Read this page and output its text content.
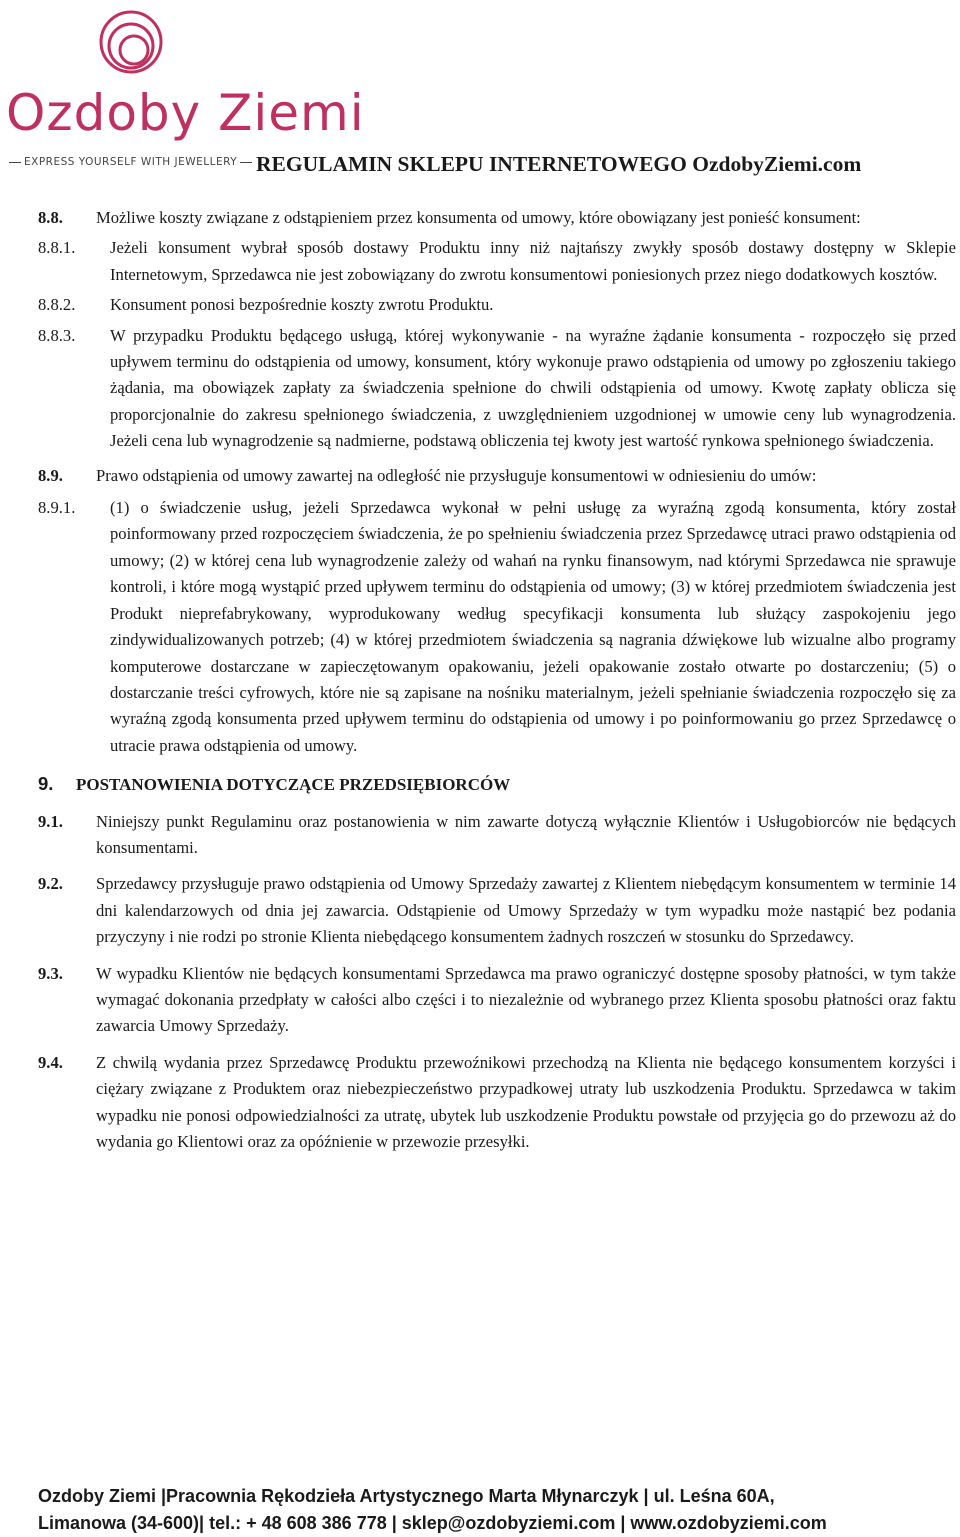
Ozdoby Ziemi
EXPRESS YOURSELF WITH JEWELLERY REGULAMIN SKLEPU INTERNETOWEGO OzdobyZiemi.com
8.8.	Możliwe koszty związane z odstąpieniem przez konsumenta od umowy, które obowiązany jest ponieść konsument:
8.8.1.	Jeżeli konsument wybrał sposób dostawy Produktu inny niż najtańszy zwykły sposób dostawy dostępny w Sklepie Internetowym, Sprzedawca nie jest zobowiązany do zwrotu konsumentowi poniesionych przez niego dodatkowych kosztów.
8.8.2.	Konsument ponosi bezpośrednie koszty zwrotu Produktu.
8.8.3.	W przypadku Produktu będącego usługą, której wykonywanie - na wyraźne żądanie konsumenta - rozpoczęło się przed upływem terminu do odstąpienia od umowy, konsument, który wykonuje prawo odstąpienia od umowy po zgłoszeniu takiego żądania, ma obowiązek zapłaty za świadczenia spełnione do chwili odstąpienia od umowy. Kwotę zapłaty oblicza się proporcjonalnie do zakresu spełnionego świadczenia, z uwzględnieniem uzgodnionej w umowie ceny lub wynagrodzenia. Jeżeli cena lub wynagrodzenie są nadmierne, podstawą obliczenia tej kwoty jest wartość rynkowa spełnionego świadczenia.
8.9.	Prawo odstąpienia od umowy zawartej na odległość nie przysługuje konsumentowi w odniesieniu do umów:
8.9.1.	(1) o świadczenie usług, jeżeli Sprzedawca wykonał w pełni usługę za wyraźną zgodą konsumenta, który został poinformowany przed rozpoczęciem świadczenia, że po spełnieniu świadczenia przez Sprzedawcę utraci prawo odstąpienia od umowy; (2) w której cena lub wynagrodzenie zależy od wahań na rynku finansowym, nad którymi Sprzedawca nie sprawuje kontroli, i które mogą wystąpić przed upływem terminu do odstąpienia od umowy; (3) w której przedmiotem świadczenia jest Produkt nieprefabrykowany, wyprodukowany według specyfikacji konsumenta lub służący zaspokojeniu jego zindywidualizowanych potrzeb; (4) w której przedmiotem świadczenia są nagrania dźwiękowe lub wizualne albo programy komputerowe dostarczane w zapieczętowanym opakowaniu, jeżeli opakowanie zostało otwarte po dostarczeniu; (5) o dostarczanie treści cyfrowych, które nie są zapisane na nośniku materialnym, jeżeli spełnianie świadczenia rozpoczęło się za wyraźną zgodą konsumenta przed upływem terminu do odstąpienia od umowy i po poinformowaniu go przez Sprzedawcę o utracie prawa odstąpienia od umowy.
9.	POSTANOWIENIA DOTYCZĄCE PRZEDSIĘBIORCÓW
9.1.	Niniejszy punkt Regulaminu oraz postanowienia w nim zawarte dotyczą wyłącznie Klientów i Usługobiorców nie będących konsumentami.
9.2.	Sprzedawcy przysługuje prawo odstąpienia od Umowy Sprzedaży zawartej z Klientem niebędącym konsumentem w terminie 14 dni kalendarzowych od dnia jej zawarcia. Odstąpienie od Umowy Sprzedaży w tym wypadku może nastąpić bez podania przyczyny i nie rodzi po stronie Klienta niebędącego konsumentem żadnych roszczeń w stosunku do Sprzedawcy.
9.3.	W wypadku Klientów nie będących konsumentami Sprzedawca ma prawo ograniczyć dostępne sposoby płatności, w tym także wymagać dokonania przedpłaty w całości albo części i to niezależnie od wybranego przez Klienta sposobu płatności oraz faktu zawarcia Umowy Sprzedaży.
9.4.	Z chwilą wydania przez Sprzedawcę Produktu przewoźnikowi przechodzą na Klienta nie będącego konsumentem korzyści i ciężary związane z Produktem oraz niebezpieczeństwo przypadkowej utraty lub uszkodzenia Produktu. Sprzedawca w takim wypadku nie ponosi odpowiedzialności za utratę, ubytek lub uszkodzenie Produktu powstałe od przyjęcia go do przewozu aż do wydania go Klientowi oraz za opóźnienie w przewozie przesyłki.
Ozdoby Ziemi |Pracownia Rękodzieła Artystycznego Marta Młynarczyk | ul. Leśna 60A,
Limanowa (34-600)| tel.: + 48 608 386 778 | sklep@ozdobyziemi.com | www.ozdobyziemi.com
